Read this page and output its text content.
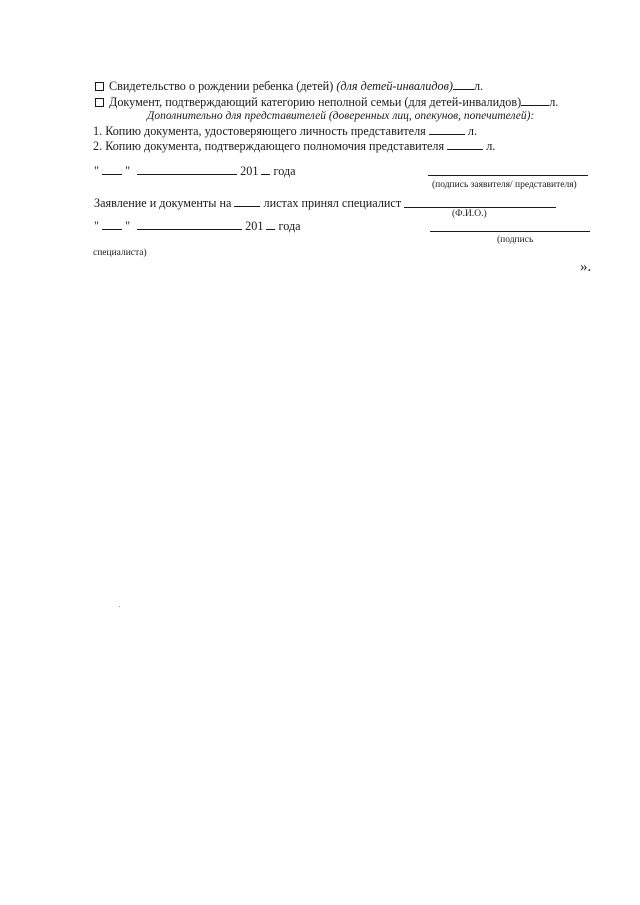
Свидетельство о рождении ребенка (детей) (для детей-инвалидов) л.
Документ, подтверждающий категорию неполной семьи (для детей-инвалидов) л.
Дополнительно для представителей (доверенных лиц, опекунов, попечителей):
1. Копию документа, удостоверяющего личность представителя	л.
2. Копию документа, подтверждающего полномочия представителя	л.
" "	201 года
(подпись заявителя/ представителя)
Заявление и документы на	листах принял специалист
(Ф.И.О.)
" "	201 года
(подпись
специалиста)
».
